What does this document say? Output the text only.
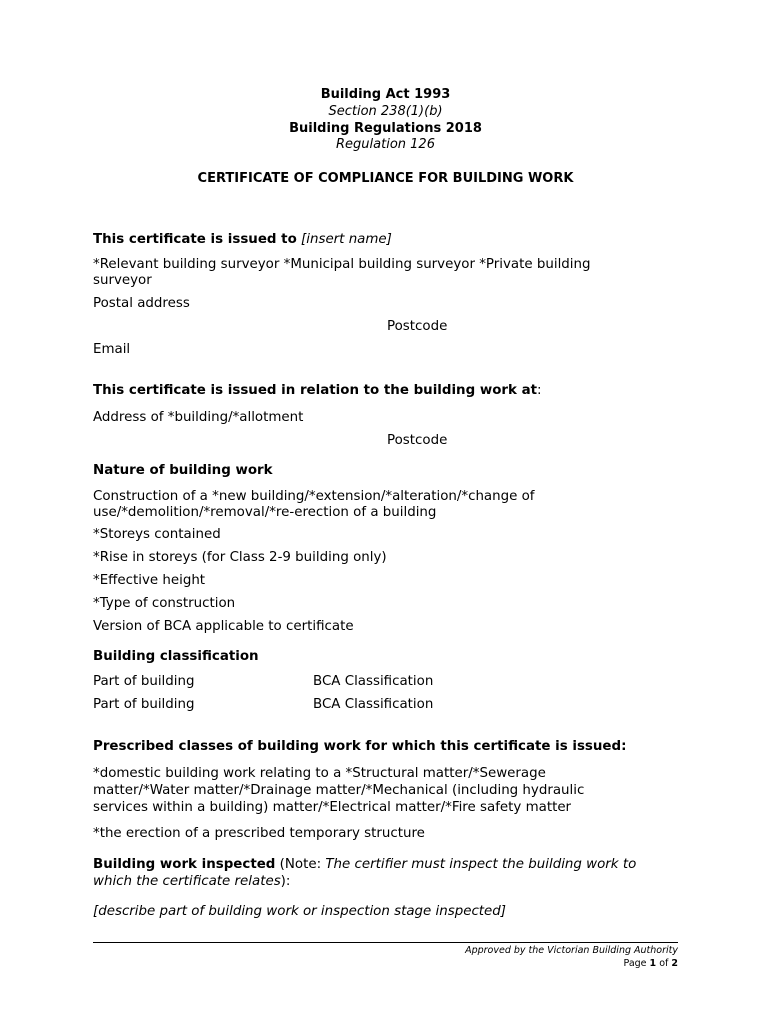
Building Act 1993
Section 238(1)(b)
Building Regulations 2018
Regulation 126
CERTIFICATE OF COMPLIANCE FOR BUILDING WORK
This certificate is issued to [insert name]
*Relevant building surveyor *Municipal building surveyor *Private building
surveyor
Postal address
Postcode
Email
This certificate is issued in relation to the building work at:
Address of *building/*allotment
Postcode
Nature of building work
Construction of a *new building/*extension/*alteration/*change of
use/*demolition/*removal/*re-erection of a building
*Storeys contained
*Rise in storeys (for Class 2-9 building only)
*Effective height
*Type of construction
Version of BCA applicable to certificate
Building classification
Part of building	BCA Classification
Part of building	BCA Classification
Prescribed classes of building work for which this certificate is issued:
*domestic building work relating to a *Structural matter/*Sewerage
matter/*Water matter/*Drainage matter/*Mechanical (including hydraulic
services within a building) matter/*Electrical matter/*Fire safety matter
*the erection of a prescribed temporary structure
Building work inspected (Note: The certifier must inspect the building work to
which the certificate relates):
[describe part of building work or inspection stage inspected]
Approved by the Victorian Building Authority
Page 1 of 2
